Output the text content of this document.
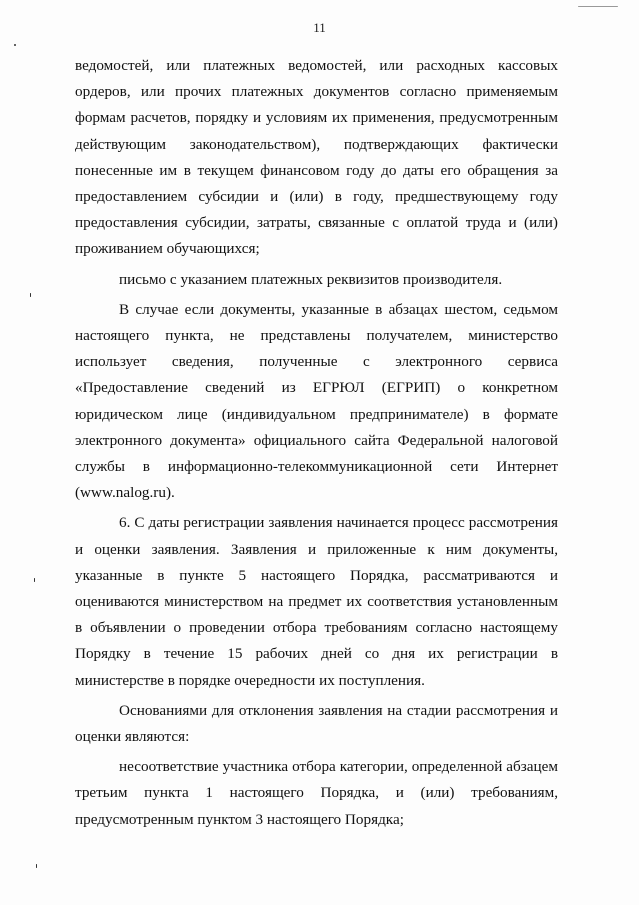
11

ведомостей, или платежных ведомостей, или расходных кассовых ордеров, или прочих платежных документов согласно применяемым формам расчетов, порядку и условиям их применения, предусмотренным действующим законодательством), подтверждающих фактически понесенные им в текущем финансовом году до даты его обращения за предоставлением субсидии и (или) в году, предшествующему году предоставления субсидии, затраты, связанные с оплатой труда и (или) проживанием обучающихся;

письмо с указанием платежных реквизитов производителя.

В случае если документы, указанные в абзацах шестом, седьмом настоящего пункта, не представлены получателем, министерство использует сведения, полученные с электронного сервиса «Предоставление сведений из ЕГРЮЛ (ЕГРИП) о конкретном юридическом лице (индивидуальном предпринимателе) в формате электронного документа» официального сайта Федеральной налоговой службы в информационно-телекоммуникационной сети Интернет (www.nalog.ru).

6. С даты регистрации заявления начинается процесс рассмотрения и оценки заявления. Заявления и приложенные к ним документы, указанные в пункте 5 настоящего Порядка, рассматриваются и оцениваются министерством на предмет их соответствия установленным в объявлении о проведении отбора требованиям согласно настоящему Порядку в течение 15 рабочих дней со дня их регистрации в министерстве в порядке очередности их поступления.

Основаниями для отклонения заявления на стадии рассмотрения и оценки являются:

несоответствие участника отбора категории, определенной абзацем третьим пункта 1 настоящего Порядка, и (или) требованиям, предусмотренным пунктом 3 настоящего Порядка;
